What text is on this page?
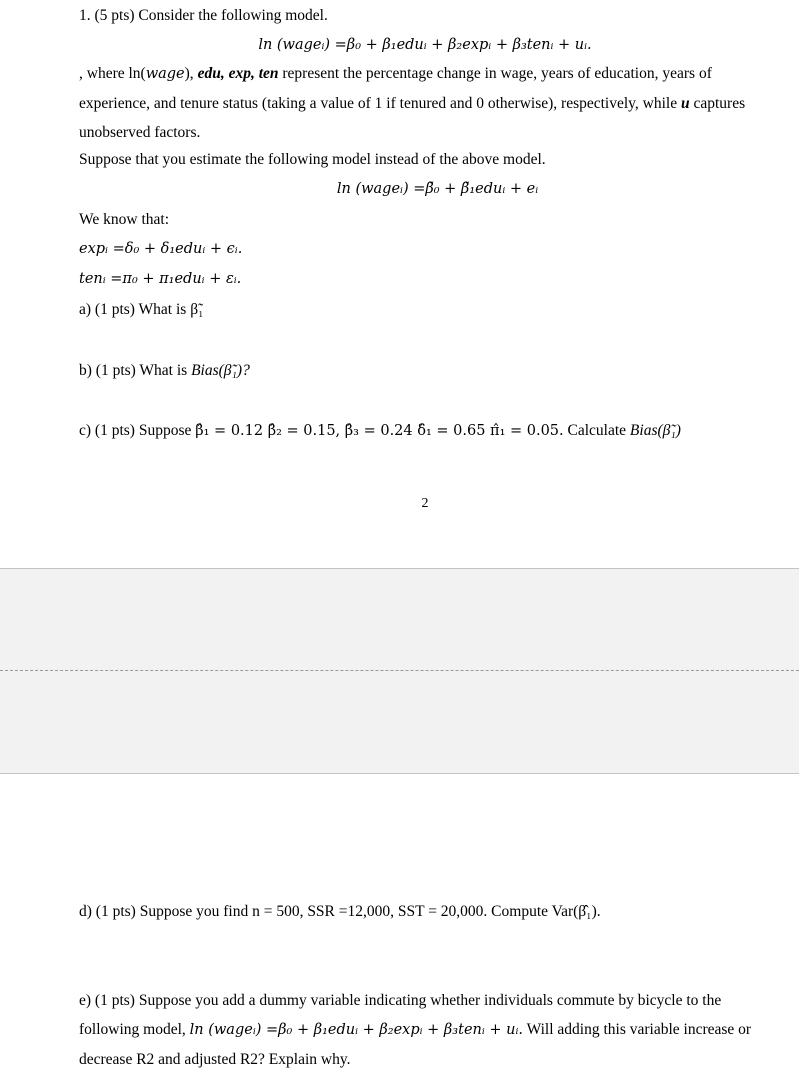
1. (5 pts) Consider the following model.
ln (wageᵢ) =β₀ + β₁eduᵢ + β₂expᵢ + β₃tenᵢ + uᵢ.
, where ln(wage), edu, exp, ten represent the percentage change in wage, years of education, years of experience, and tenure status (taking a value of 1 if tenured and 0 otherwise), respectively, while u captures unobserved factors.
Suppose that you estimate the following model instead of the above model.
ln (wageᵢ) =β̃₀ + β̃₁eduᵢ + eᵢ
We know that:
expᵢ =δ₀ + δ₁eduᵢ + ϵᵢ.
tenᵢ =π₀ + π₁eduᵢ + εᵢ.
a) (1 pts) What is β̃₁
b) (1 pts) What is Bias(β̃₁)?
c) (1 pts) Suppose β̂₁ = 0.12 β̂₂ = 0.15, β̂₃ = 0.24 δ̂₁ = 0.65 π̂₁ = 0.05. Calculate Bias(β̃₁)
2
d) (1 pts) Suppose you find n = 500, SSR =12,000, SST = 20,000. Compute Var(β̂₁).
e) (1 pts) Suppose you add a dummy variable indicating whether individuals commute by bicycle to the following model, ln (wageᵢ) =β₀ + β₁eduᵢ + β₂expᵢ + β₃tenᵢ + uᵢ. Will adding this variable increase or decrease R2 and adjusted R2? Explain why.
